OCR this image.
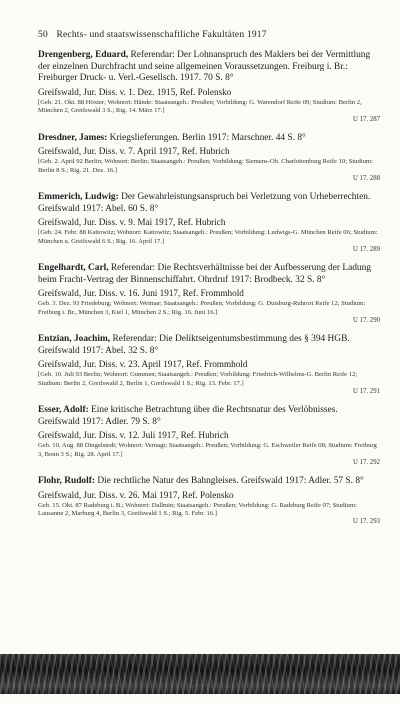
50 Rechts- und staatswissenschaftliche Fakultäten 1917
Drengenberg, Eduard, Referendar: Der Lohnanspruch des Maklers bei der Vermittlung der einzelnen Durchfracht und seine allgemeinen Voraussetzungen. Freiburg i. Br.: Freiburger Druck- u. Verl.-Gesellsch. 1917. 70 S. 8°
Greifswald, Jur. Diss. v. 1. Dez. 1915, Ref. Polensko
[Geb. 21. Okt. 88 Höxter; Wohnort: Hände: Staatsangeh.: Preußen; Vorbildung: G. Warendorf Reife 09; Studium: Berlin 2, München 2, Greifswald 3 S.; Rig. 14. März 17.]
U 17. 287
Dresdner, James: Kriegslieferungen. Berlin 1917: Marschner. 44 S. 8°
Greifswald, Jur. Diss. v. 7. April 1917, Ref. Hubrich
[Geb. 2. April 92 Berlin; Wohnort: Berlin; Staatsangeh.: Preußen; Vorbildung: Siemens-Ob. Charlottenburg Reife 10; Studium: Berlin 8 S.; Rig. 21. Dez. 16.]
U 17. 288
Emmerich, Ludwig: Der Gewahrleistungsanspruch bei Verletzung von Urheberrechten. Greifswald 1917: Abel. 60 S. 8°
Greifswald, Jur. Diss. v. 9. Mai 1917, Ref. Hubrich
[Geb. 24. Febr. 88 Kattowitz; Wohnort: Kattowitz; Staatsangeh.: Preußen; Vorbildung: Ludwigs-G. München Reife 06; Studium: München u. Greifswald 6 S.; Rig. 16. April 17.]
U 17. 289
Engelhardt, Carl, Referendar: Die Rechtsverhältnisse bei der Aufbesserung der Ladung beim Fracht-Vertrag der Binnenschiffahrt. Ohrdruf 1917: Brodbeck. 32 S. 8°
Greifswald, Jur. Diss. v. 16. Juni 1917, Ref. Frommhold
Geb. 3. Dez. 93 Friedeburg; Wohnort: Weimar; Staatsangeh.: Preußen; Vorbildung: G. Duisburg-Ruhrort Reife 12; Studium: Freiburg i. Br., München 3, Kiel 1, München 2 S.; Rig. 16. Juni 16.]
U 17. 290
Entzian, Joachim, Referendar: Die Deliktseigentumsbestimmung des § 394 HGB. Greifswald 1917: Abel. 32 S. 8°
Greifswald, Jur. Diss. v. 23. April 1917, Ref. Frommhold
[Geb. 10. Juli 93 Berlin; Wohnort: Gummen; Staatsangeh.: Preußen; Vorbildung: Friedrich-Wilhelms-G. Berlin Reife 12; Studium: Berlin 2, Greifswald 2, Berlin 1, Greifswald 1 S.; Rig. 13. Febr. 17.]
U 17. 291
Esser, Adolf: Eine kritische Betrachtung über die Rechtsnatur des Verlöbnisses. Greifswald 1917: Adler. 79 S. 8°
Greifswald, Jur. Diss. v. 12. Juli 1917, Ref. Hubrich
Geb. 10. Aug. 88 Dingelstedt; Wohnort: Vernagt; Staatsangeh.: Preußen; Vorbildung: G. Eschweiler Reife 08; Studium: Freiburg 3, Bonn 3 S.; Rig. 28. April 17.]
U 17. 292
Flohr, Rudolf: Die rechtliche Natur des Bahngleises. Greifswald 1917: Adler. 57 S. 8°
Greifswald, Jur. Diss. v. 26. Mai 1917, Ref. Polensko
Geb. 15. Okt. 87 Radeburg i. B.; Wohnort: Dallmin; Staatsangeh.: Preußen; Vorbildung: G. Radeburg Reife 07; Studium: Lausanne 2, Marburg 4, Berlin 3, Greifswald 1 S.; Rig. 5. Febr. 16.]
U 17. 293
